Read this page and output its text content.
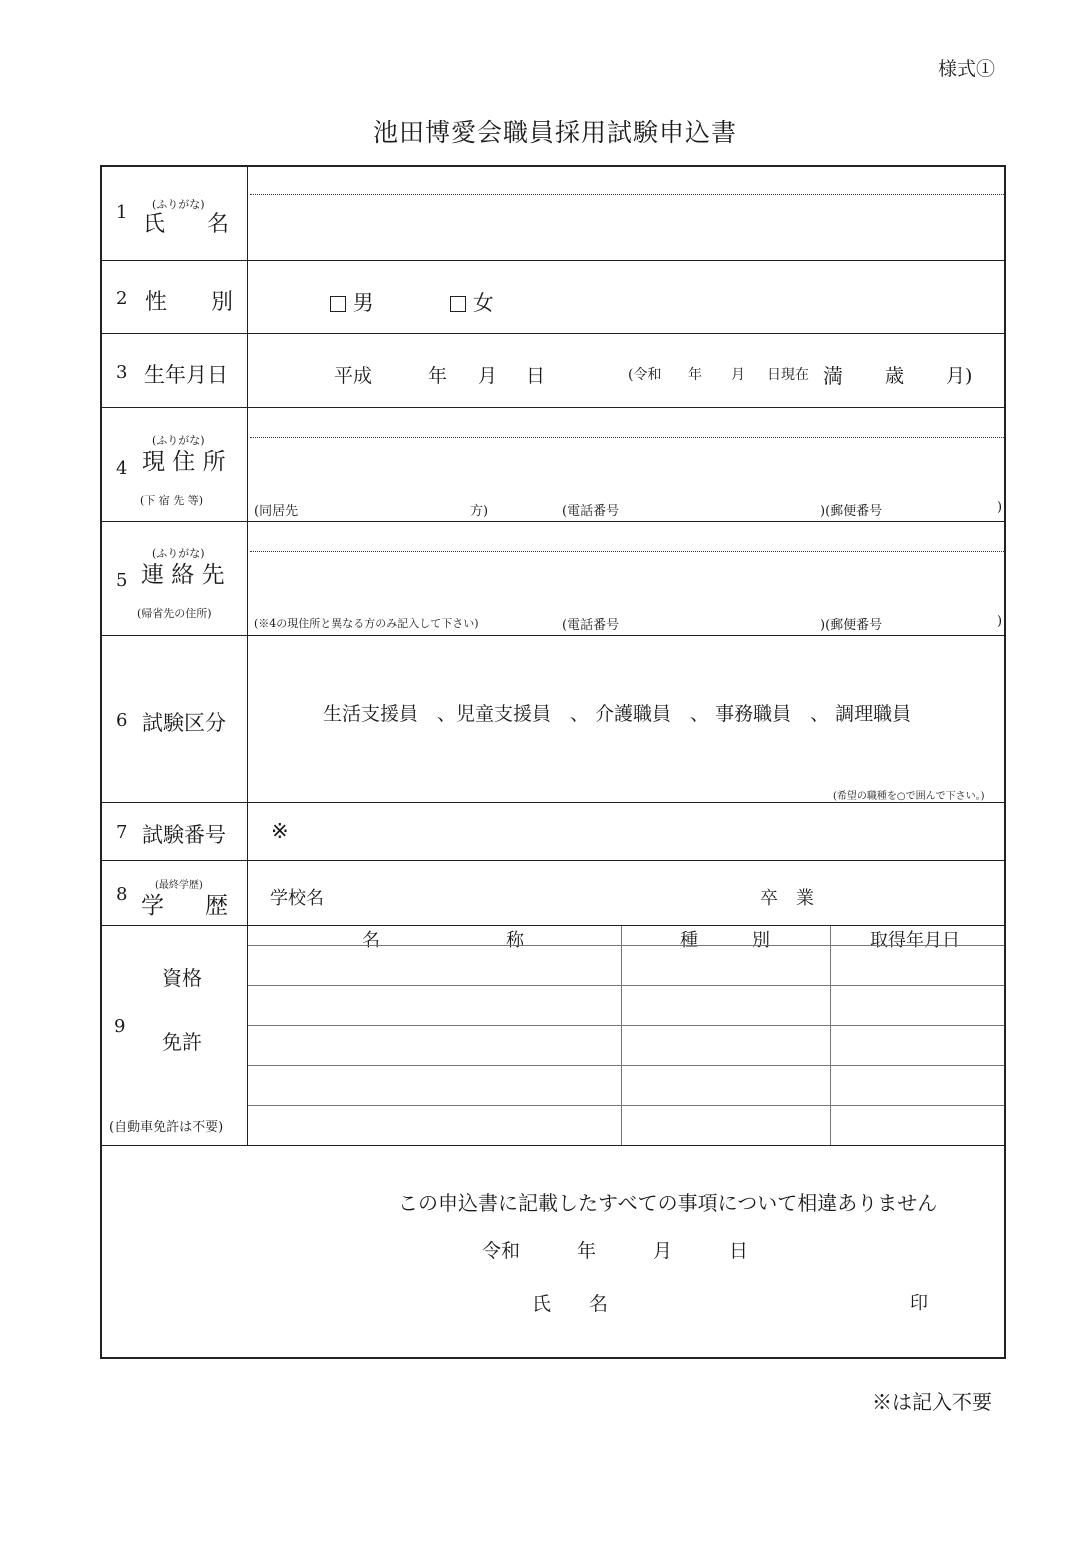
様式①
池田博愛会職員採用試験申込書
1 (ふりがな)
氏 名
2 性　　別	男	女
3 生年月日	平成	年 月 日	(令和 年 月 日現在 満 歳 月)
4
(ふりがな)
現 住 所
(下 宿 先 等)
(同居先	方)	(電話番号	)(郵便番号	)
5
(ふりがな)
連 絡 先
(帰省先の住所)
(※4の現住所と異なる方のみ記入して下さい)	(電話番号	)(郵便番号	)
6 試験区分	生活支援員　、児童支援員　、 介護職員　、 事務職員　、 調理職員
(希望の職種を○で囲んで下さい。)
7 試験番号 ※
8	(最終学歴)
学 歴 学校名	卒　業
資格
9
免許
(自動車免許は不要)
名　　　　　　　称	種　　　別	取得年月日
この申込書に記載したすべての事項について相違ありません
令和　　　年　　　月　　　日
氏　　名	印
※は記入不要
